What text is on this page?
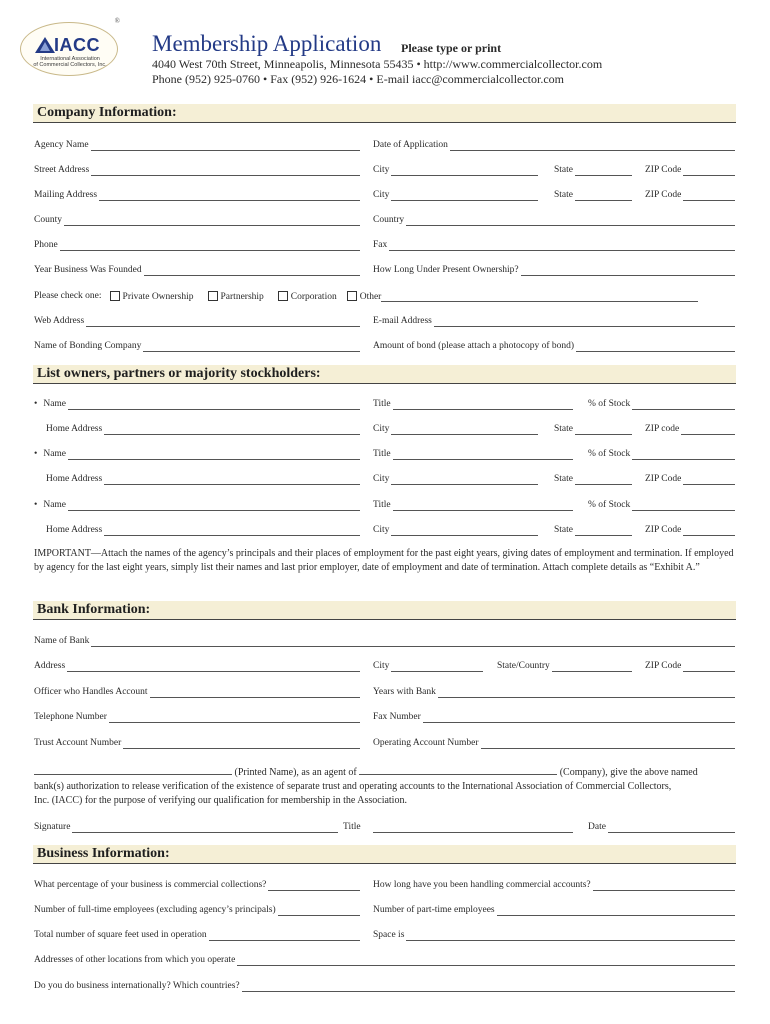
®
IACC
International Association
of Commercial Collectors, Inc.
Membership Application Please type or print
4040 West 70th Street, Minneapolis, Minnesota 55435 • http://www.commercialcollector.com
Phone (952) 925-0760 • Fax (952) 926-1624 • E-mail iacc@commercialcollector.com
Company Information:
Agency Name	Date of Application
Street Address	City	State	ZIP Code
Mailing Address	City	State	ZIP Code
County	Country
Phone	Fax
Year Business Was Founded	How Long Under Present Ownership?
Please check one: Private Ownership	Partnership	Corporation Other
Web Address	E-mail Address
Name of Bonding Company	Amount of bond (please attach a photocopy of bond)
List owners, partners or majority stockholders:
• Name	Title	% of Stock
Home Address	City	State	ZIP code
• Name	Title	% of Stock
Home Address	City	State	ZIP Code
• Name	Title	% of Stock
Home Address	City	State	ZIP Code
IMPORTANT—Attach the names of the agency’s principals and their places of employment for the past eight years, giving dates of employment and termination. If employed by agency for the last eight years, simply list their names and last prior employer, date of employment and date of termination. Attach complete details as “Exhibit A.”
Bank Information:
Name of Bank
Address	City	State/Country	ZIP Code
Officer who Handles Account	Years with Bank
Telephone Number	Fax Number
Trust Account Number	Operating Account Number
(Printed Name), as an agent of	(Company), give the above named
bank(s) authorization to release verification of the existence of separate trust and operating accounts to the International Association of Commercial Collectors,
Inc. (IACC) for the purpose of verifying our qualification for membership in the Association.
Signature	Title	Date
Business Information:
What percentage of your business is commercial collections?	How long have you been handling commercial accounts?
Number of full-time employees (excluding agency’s principals)	Number of part-time employees
Total number of square feet used in operation	Space is
Addresses of other locations from which you operate
Do you do business internationally? Which countries?
